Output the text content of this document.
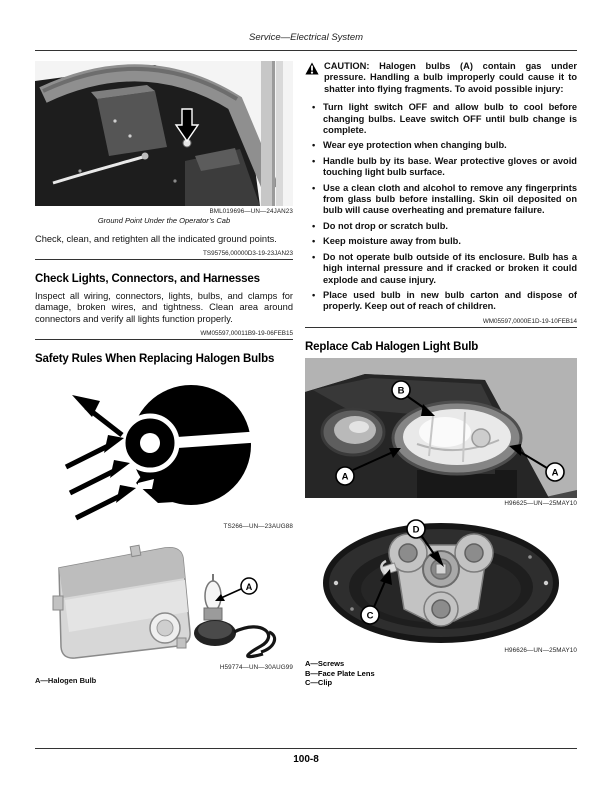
Service—Electrical System
BML019696—UN—24JAN23
Ground Point Under the Operator’s Cab

Check, clean, and retighten all the indicated ground points.

TS95756,00000D3-19-23JAN23
Check Lights, Connectors, and Harnesses

Inspect all wiring, connectors, lights, bulbs, and clamps for damage, broken wires, and tightness. Clean area around connectors and verify all lights function properly.

WM05597,00011B9-19-06FEB15
Safety Rules When Replacing Halogen Bulbs
TS266—UN—23AUG88
A
H59774—UN—30AUG99
A—Halogen Bulb
CAUTION: Halogen bulbs (A) contain gas under pressure. Handling a bulb improperly could cause it to shatter into flying fragments. To avoid possible injury:
• Turn light switch OFF and allow bulb to cool before changing bulbs. Leave switch OFF until bulb change is complete.
• Wear eye protection when changing bulb.
• Handle bulb by its base. Wear protective gloves or avoid touching light bulb surface.
• Use a clean cloth and alcohol to remove any fingerprints from glass bulb before installing. Skin oil deposited on bulb will cause overheating and premature failure.
• Do not drop or scratch bulb.
• Keep moisture away from bulb.
• Do not operate bulb outside of its enclosure. Bulb has a high internal pressure and if cracked or broken it could explode and cause injury.
• Place used bulb in new bulb carton and dispose of properly. Keep out of reach of children.
WM05597,0000E1D-19-10FEB14
Replace Cab Halogen Light Bulb
A
B
A
H96625—UN—25MAY10
D
C
H96626—UN—25MAY10
A—Screws
B—Face Plate Lens
C—Clip
100-8
